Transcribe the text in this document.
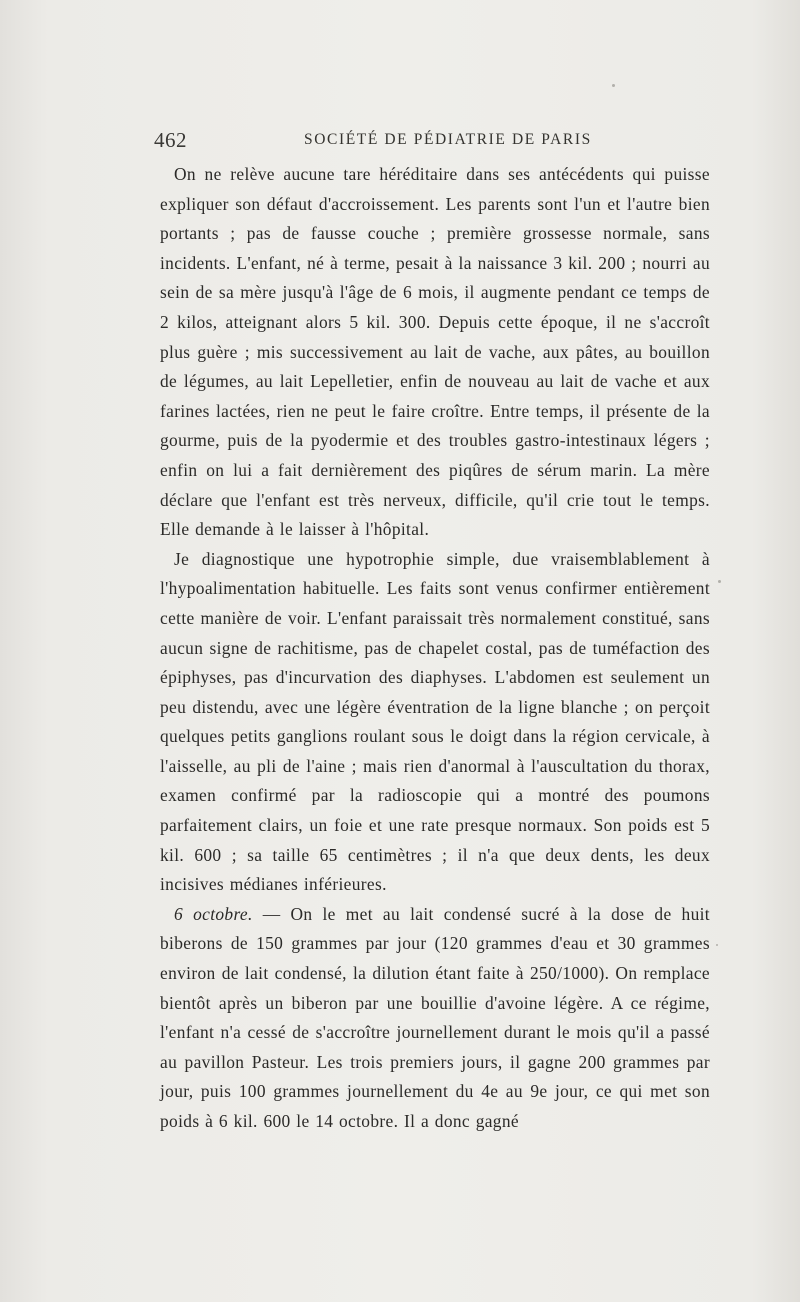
462	SOCIÉTÉ DE PÉDIATRIE DE PARIS

On ne relève aucune tare héréditaire dans ses antécédents qui puisse expliquer son défaut d'accroissement. Les parents sont l'un et l'autre bien portants ; pas de fausse couche ; première grossesse normale, sans incidents. L'enfant, né à terme, pesait à la naissance 3 kil. 200 ; nourri au sein de sa mère jusqu'à l'âge de 6 mois, il augmente pendant ce temps de 2 kilos, atteignant alors 5 kil. 300. Depuis cette époque, il ne s'accroît plus guère ; mis successivement au lait de vache, aux pâtes, au bouillon de légumes, au lait Lepelletier, enfin de nouveau au lait de vache et aux farines lactées, rien ne peut le faire croître. Entre temps, il présente de la gourme, puis de la pyodermie et des troubles gastro-intestinaux légers ; enfin on lui a fait dernièrement des piqûres de sérum marin. La mère déclare que l'enfant est très nerveux, difficile, qu'il crie tout le temps. Elle demande à le laisser à l'hôpital.

Je diagnostique une hypotrophie simple, due vraisemblablement à l'hypoalimentation habituelle. Les faits sont venus confirmer entièrement cette manière de voir. L'enfant paraissait très normalement constitué, sans aucun signe de rachitisme, pas de chapelet costal, pas de tuméfaction des épiphyses, pas d'incurvation des diaphyses. L'abdomen est seulement un peu distendu, avec une légère éventration de la ligne blanche ; on perçoit quelques petits ganglions roulant sous le doigt dans la région cervicale, à l'aisselle, au pli de l'aine ; mais rien d'anormal à l'auscultation du thorax, examen confirmé par la radioscopie qui a montré des poumons parfaitement clairs, un foie et une rate presque normaux. Son poids est 5 kil. 600 ; sa taille 65 centimètres ; il n'a que deux dents, les deux incisives médianes inférieures.

6 octobre. — On le met au lait condensé sucré à la dose de huit biberons de 150 grammes par jour (120 grammes d'eau et 30 grammes environ de lait condensé, la dilution étant faite à 250/1000). On remplace bientôt après un biberon par une bouillie d'avoine légère. A ce régime, l'enfant n'a cessé de s'accroître journellement durant le mois qu'il a passé au pavillon Pasteur. Les trois premiers jours, il gagne 200 grammes par jour, puis 100 grammes journellement du 4e au 9e jour, ce qui met son poids à 6 kil. 600 le 14 octobre. Il a donc gagné
